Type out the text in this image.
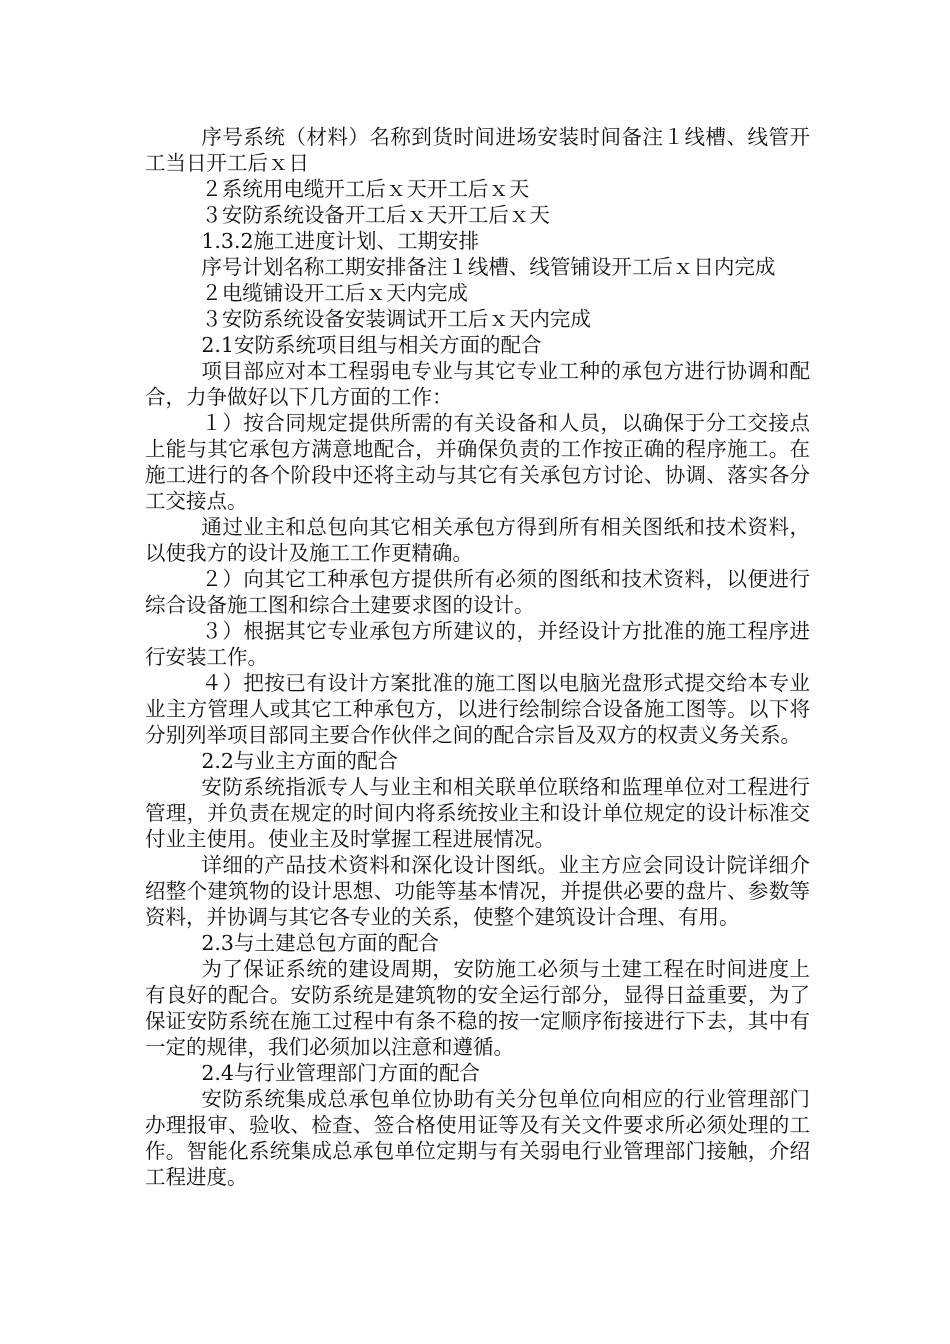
序号系统（材料）名称到货时间进场安装时间备注１线槽、线管开工当日开工后ｘ日

２系统用电缆开工后ｘ天开工后ｘ天

３安防系统设备开工后ｘ天开工后ｘ天

1.3.2施工进度计划、工期安排

序号计划名称工期安排备注１线槽、线管铺设开工后ｘ日内完成

２电缆铺设开工后ｘ天内完成

３安防系统设备安装调试开工后ｘ天内完成

2.1安防系统项目组与相关方面的配合

项目部应对本工程弱电专业与其它专业工种的承包方进行协调和配合，力争做好以下几方面的工作：

１）按合同规定提供所需的有关设备和人员，以确保于分工交接点上能与其它承包方满意地配合，并确保负责的工作按正确的程序施工。在施工进行的各个阶段中还将主动与其它有关承包方讨论、协调、落实各分工交接点。

通过业主和总包向其它相关承包方得到所有相关图纸和技术资料，以使我方的设计及施工工作更精确。

２）向其它工种承包方提供所有必须的图纸和技术资料，以便进行综合设备施工图和综合土建要求图的设计。

３）根据其它专业承包方所建议的，并经设计方批准的施工程序进行安装工作。

４）把按已有设计方案批准的施工图以电脑光盘形式提交给本专业业主方管理人或其它工种承包方，以进行绘制综合设备施工图等。以下将分别列举项目部同主要合作伙伴之间的配合宗旨及双方的权责义务关系。

2.2与业主方面的配合

安防系统指派专人与业主和相关联单位联络和监理单位对工程进行管理，并负责在规定的时间内将系统按业主和设计单位规定的设计标准交付业主使用。使业主及时掌握工程进展情况。

详细的产品技术资料和深化设计图纸。业主方应会同设计院详细介绍整个建筑物的设计思想、功能等基本情况，并提供必要的盘片、参数等资料，并协调与其它各专业的关系，使整个建筑设计合理、有用。

2.3与土建总包方面的配合

为了保证系统的建设周期，安防施工必须与土建工程在时间进度上有良好的配合。安防系统是建筑物的安全运行部分，显得日益重要，为了保证安防系统在施工过程中有条不稳的按一定顺序衔接进行下去，其中有一定的规律，我们必须加以注意和遵循。

2.4与行业管理部门方面的配合

安防系统集成总承包单位协助有关分包单位向相应的行业管理部门办理报审、验收、检查、签合格使用证等及有关文件要求所必须处理的工作。智能化系统集成总承包单位定期与有关弱电行业管理部门接触，介绍工程进度。
